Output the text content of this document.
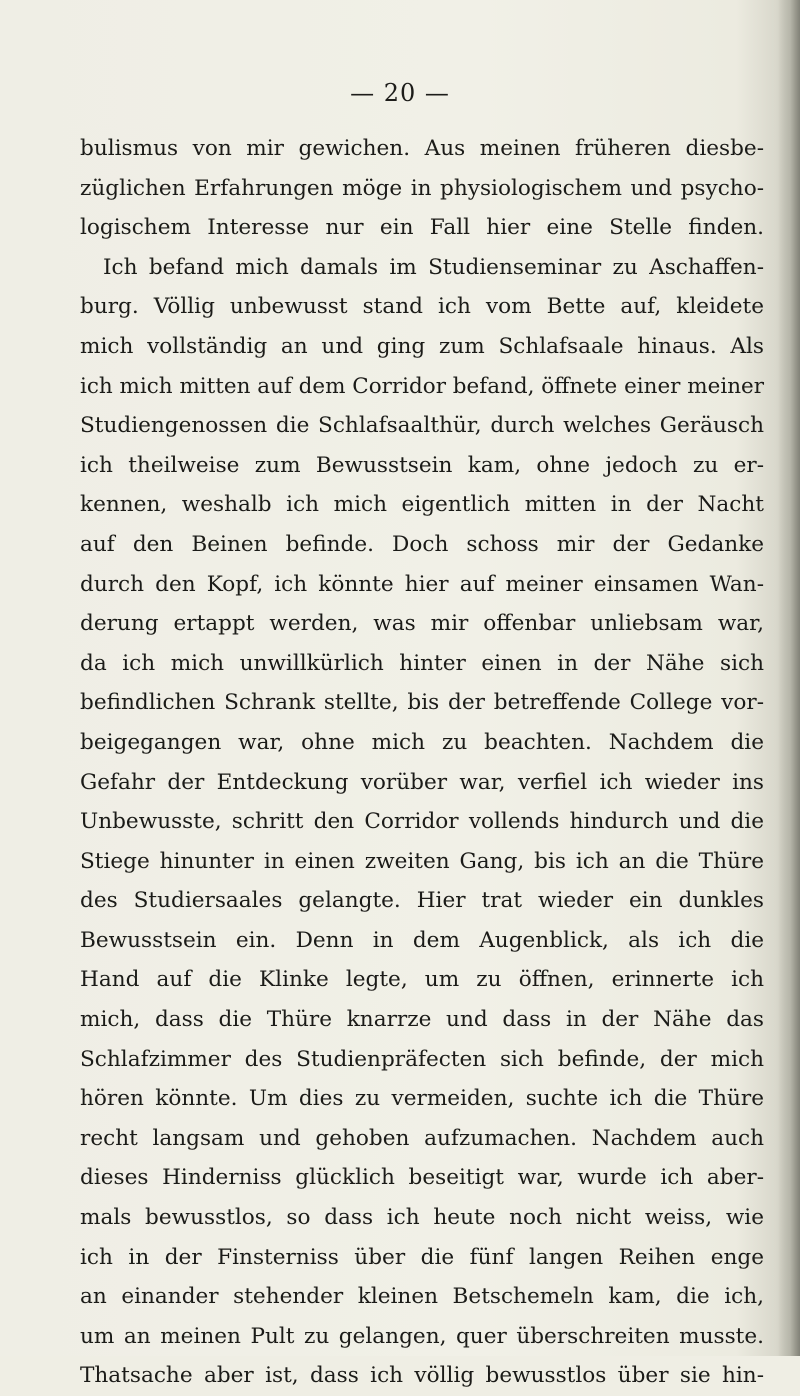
— 20 —
bulismus von mir gewichen. Aus meinen früheren diesbe-
züglichen Erfahrungen möge in physiologischem und psycho-
logischem Interesse nur ein Fall hier eine Stelle finden.
Ich befand mich damals im Studienseminar zu Aschaffen-
burg. Völlig unbewusst stand ich vom Bette auf, kleidete
mich vollständig an und ging zum Schlafsaale hinaus. Als
ich mich mitten auf dem Corridor befand, öffnete einer meiner
Studiengenossen die Schlafsaalthür, durch welches Geräusch
ich theilweise zum Bewusstsein kam, ohne jedoch zu er-
kennen, weshalb ich mich eigentlich mitten in der Nacht
auf den Beinen befinde. Doch schoss mir der Gedanke
durch den Kopf, ich könnte hier auf meiner einsamen Wan-
derung ertappt werden, was mir offenbar unliebsam war,
da ich mich unwillkürlich hinter einen in der Nähe sich
befindlichen Schrank stellte, bis der betreffende College vor-
beigegangen war, ohne mich zu beachten. Nachdem die
Gefahr der Entdeckung vorüber war, verfiel ich wieder ins
Unbewusste, schritt den Corridor vollends hindurch und die
Stiege hinunter in einen zweiten Gang, bis ich an die Thüre
des Studiersaales gelangte. Hier trat wieder ein dunkles
Bewusstsein ein. Denn in dem Augenblick, als ich die
Hand auf die Klinke legte, um zu öffnen, erinnerte ich
mich, dass die Thüre knarrze und dass in der Nähe das
Schlafzimmer des Studienpräfecten sich befinde, der mich
hören könnte. Um dies zu vermeiden, suchte ich die Thüre
recht langsam und gehoben aufzumachen. Nachdem auch
dieses Hinderniss glücklich beseitigt war, wurde ich aber-
mals bewusstlos, so dass ich heute noch nicht weiss, wie
ich in der Finsterniss über die fünf langen Reihen enge
an einander stehender kleinen Betschemeln kam, die ich,
um an meinen Pult zu gelangen, quer überschreiten musste.
Thatsache aber ist, dass ich völlig bewusstlos über sie hin-
